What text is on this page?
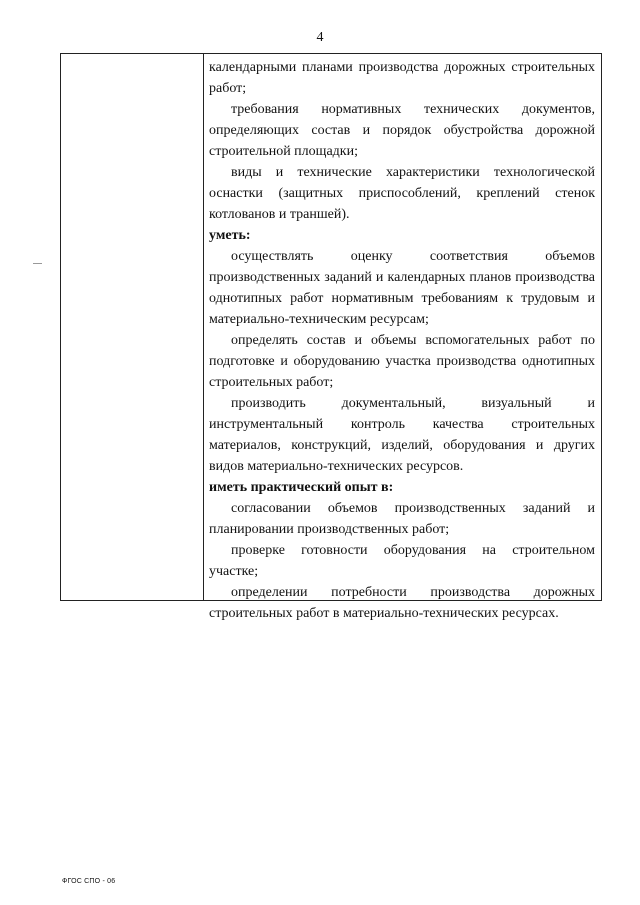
4

календарными планами производства дорожных строительных работ;

требования нормативных технических документов, определяющих состав и порядок обустройства дорожной строительной площадки;

виды и технические характеристики технологической оснастки (защитных приспособлений, креплений стенок котлованов и траншей).

уметь:

осуществлять оценку соответствия объемов производственных заданий и календарных планов производства однотипных работ нормативным требованиям к трудовым и материально-техническим ресурсам;

определять состав и объемы вспомогательных работ по подготовке и оборудованию участка производства однотипных строительных работ;

производить документальный, визуальный и инструментальный контроль качества строительных материалов, конструкций, изделий, оборудования и других видов материально-технических ресурсов.

иметь практический опыт в:

согласовании объемов производственных заданий и планировании производственных работ;

проверке готовности оборудования на строительном участке;

определении потребности производства дорожных строительных работ в материально-технических ресурсах.

ФГОС СПО - 06
